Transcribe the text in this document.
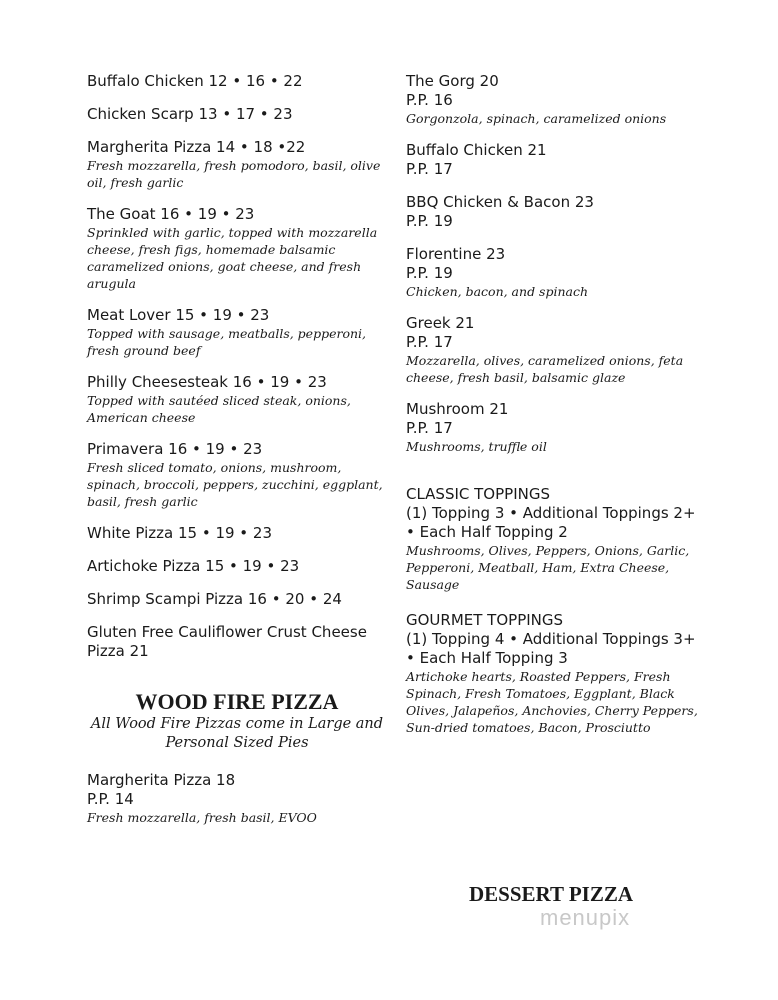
Buffalo Chicken 12 • 16 • 22
Chicken Scarp 13 • 17 • 23
Margherita Pizza 14 • 18 •22
Fresh mozzarella, fresh pomodoro, basil, olive oil, fresh garlic
The Goat 16 • 19 • 23
Sprinkled with garlic, topped with mozzarella cheese, fresh figs, homemade balsamic caramelized onions, goat cheese, and fresh arugula
Meat Lover 15 • 19 • 23
Topped with sausage, meatballs, pepperoni, fresh ground beef
Philly Cheesesteak 16 • 19 • 23
Topped with sautéed sliced steak, onions, American cheese
Primavera 16 • 19 • 23
Fresh sliced tomato, onions, mushroom, spinach, broccoli, peppers, zucchini, eggplant, basil, fresh garlic
White Pizza 15 • 19 • 23
Artichoke Pizza 15 • 19 • 23
Shrimp Scampi Pizza 16 • 20 • 24
Gluten Free Cauliflower Crust Cheese Pizza 21
WOOD FIRE PIZZA
All Wood Fire Pizzas come in Large and Personal Sized Pies
Margherita Pizza 18
P.P. 14
Fresh mozzarella, fresh basil, EVOO
The Gorg 20
P.P. 16
Gorgonzola, spinach, caramelized onions
Buffalo Chicken 21
P.P. 17
BBQ Chicken & Bacon 23
P.P. 19
Florentine 23
P.P. 19
Chicken, bacon, and spinach
Greek 21
P.P. 17
Mozzarella, olives, caramelized onions, feta cheese, fresh basil, balsamic glaze
Mushroom 21
P.P. 17
Mushrooms, truffle oil
CLASSIC TOPPINGS
(1) Topping 3 • Additional Toppings 2+
• Each Half Topping 2
Mushrooms, Olives, Peppers, Onions, Garlic, Pepperoni, Meatball, Ham, Extra Cheese, Sausage
GOURMET TOPPINGS
(1) Topping 4 • Additional Toppings 3+
• Each Half Topping 3
Artichoke hearts, Roasted Peppers, Fresh Spinach, Fresh Tomatoes, Eggplant, Black Olives, Jalapeños, Anchovies, Cherry Peppers, Sun-dried tomatoes, Bacon, Prosciutto
DESSERT PIZZA
menupix
